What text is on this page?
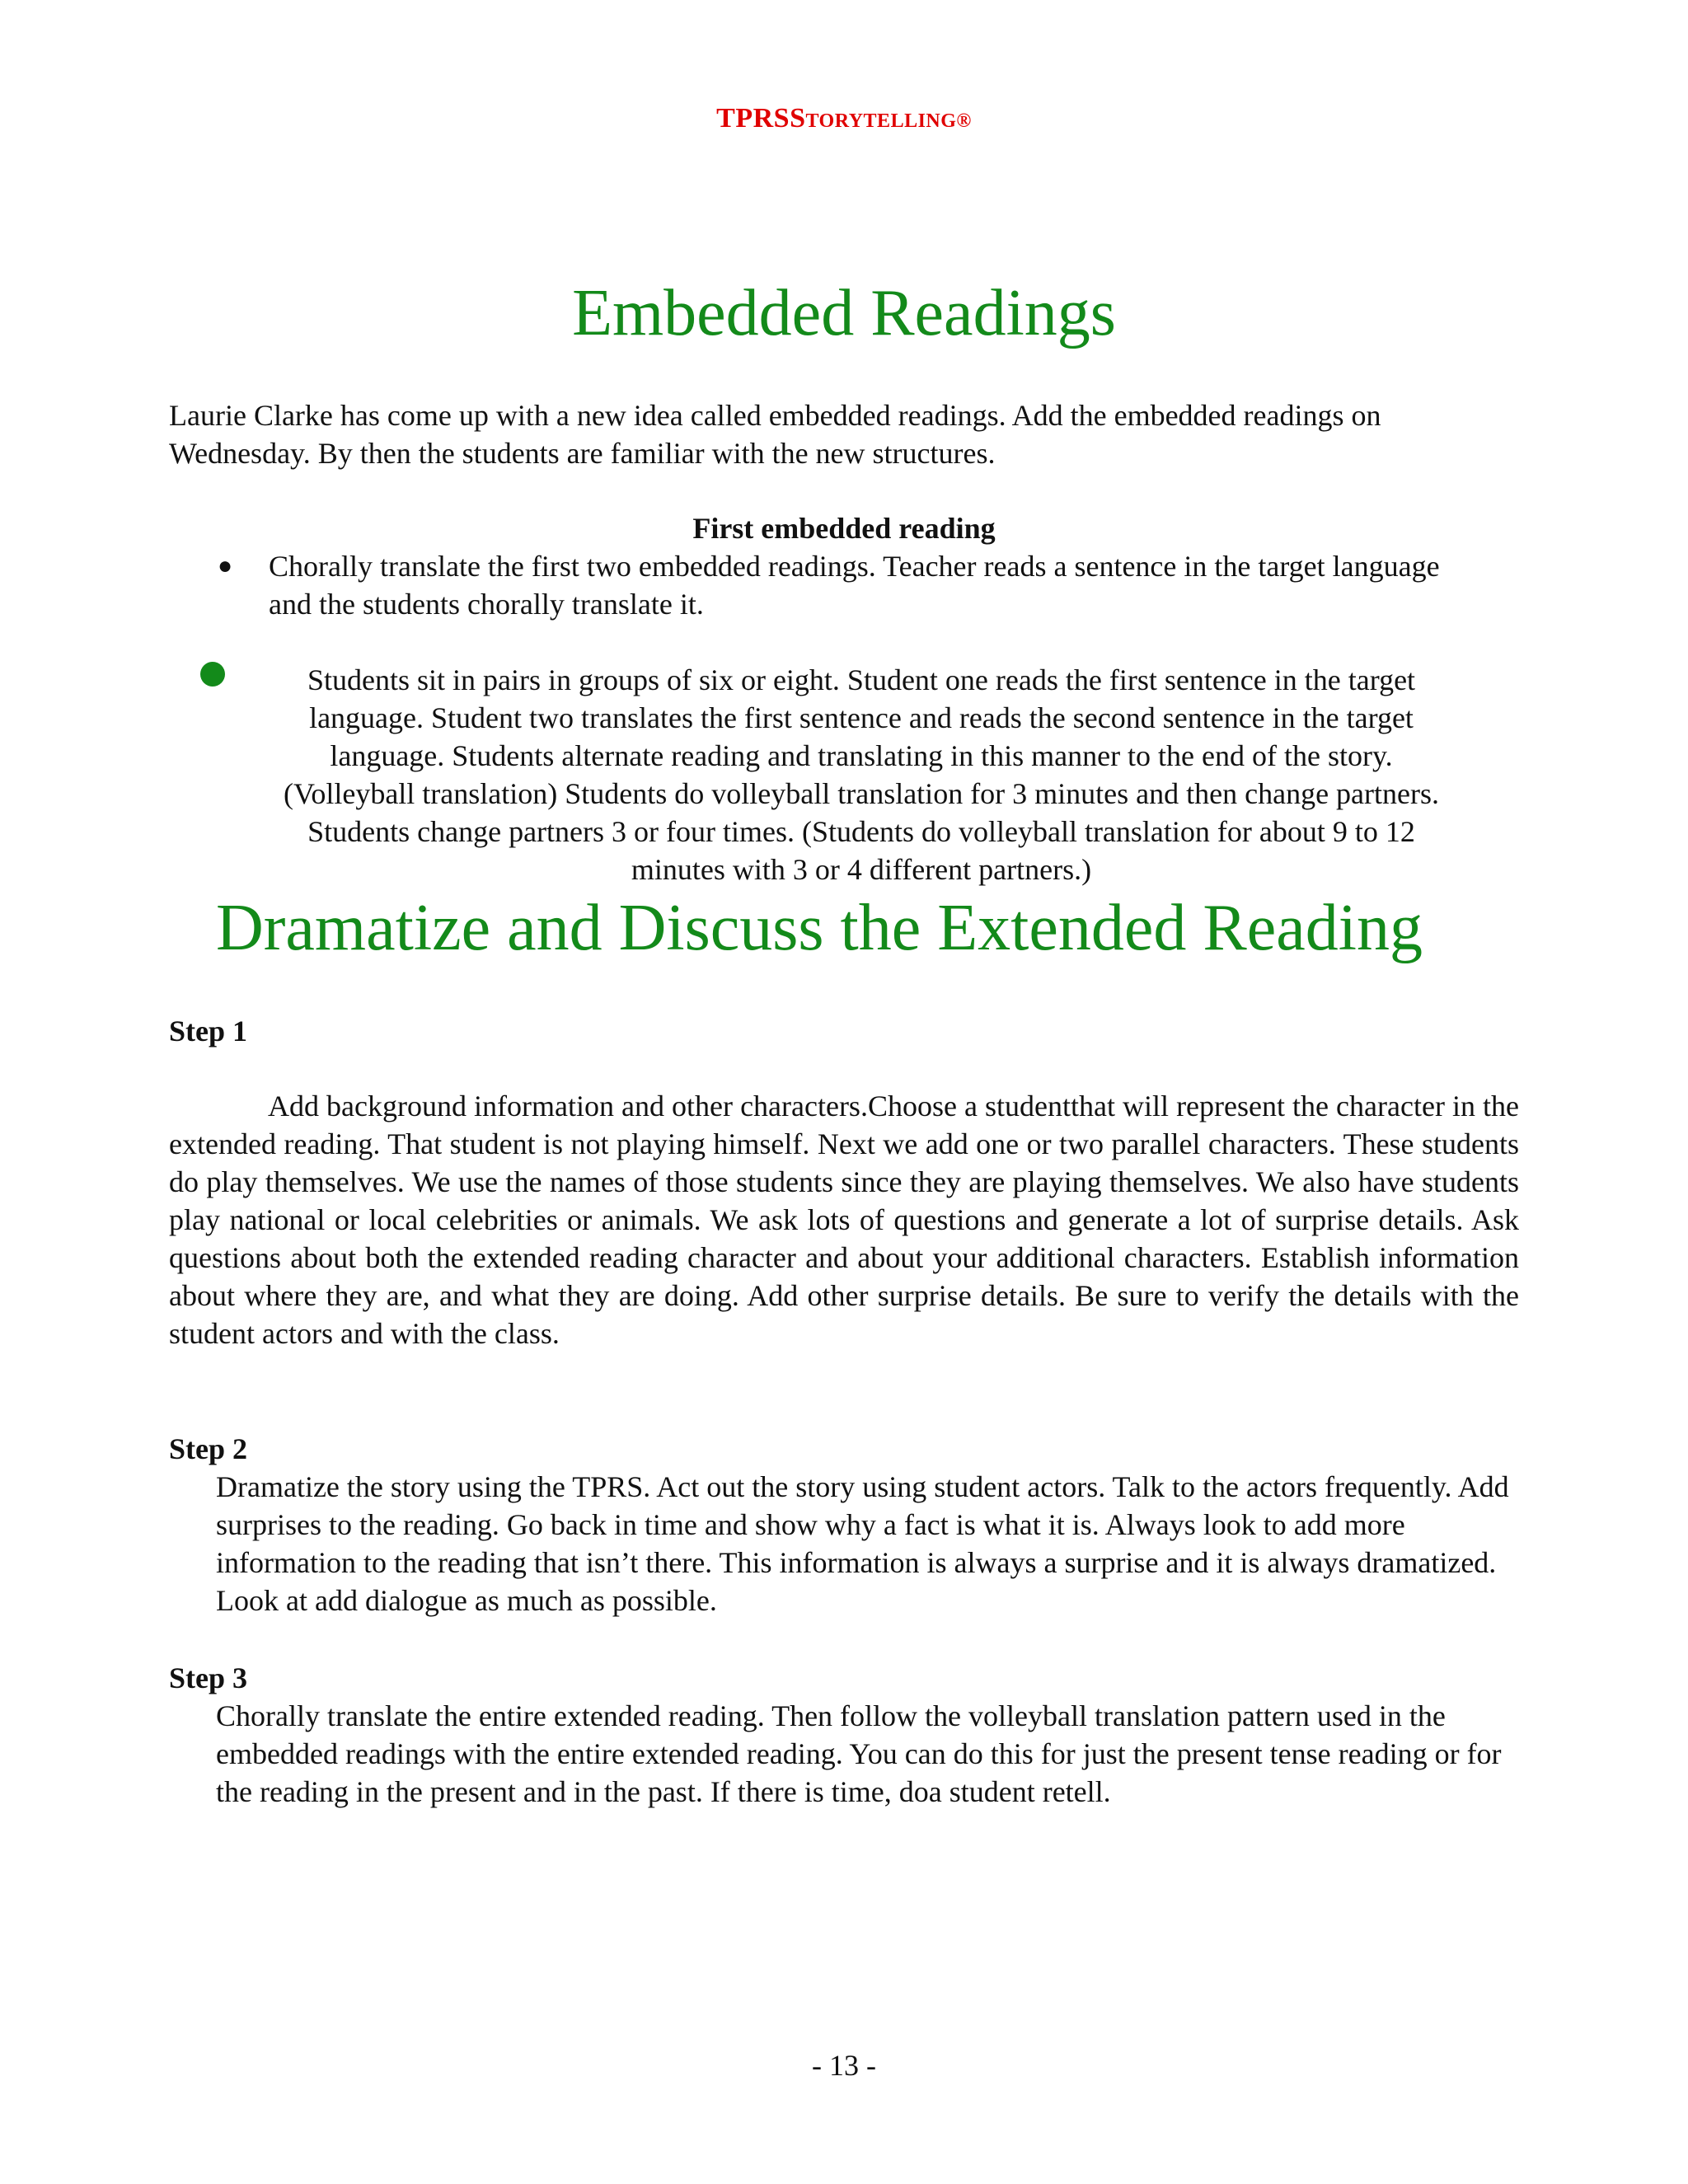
TPRSSTORYTELLING®
Embedded Readings
Laurie Clarke has come up with a new idea called embedded readings. Add the embedded readings on Wednesday. By then the students are familiar with the new structures.
First embedded reading
● Chorally translate the first two embedded readings. Teacher reads a sentence in the target language and the students chorally translate it.
Students sit in pairs in groups of six or eight. Student one reads the first sentence in the target
language. Student two translates the first sentence and reads the second sentence in the target
language. Students alternate reading and translating in this manner to the end of the story.
(Volleyball translation) Students do volleyball translation for 3 minutes and then change partners.
Students change partners 3 or four times. (Students do volleyball translation for about 9 to 12
minutes with 3 or 4 different partners.)
Dramatize and Discuss the Extended Reading
Step 1
Add background information and other characters.Choose a studentthat will represent the character in the extended reading. That student is not playing himself. Next we add one or two parallel characters. These students do play themselves. We use the names of those students since they are playing themselves. We also have students play national or local celebrities or animals. We ask lots of questions and generate a lot of surprise details. Ask questions about both the extended reading character and about your additional characters. Establish information about where they are, and what they are doing. Add other surprise details. Be sure to verify the details with the student actors and with the class.
Step 2
Dramatize the story using the TPRS. Act out the story using student actors. Talk to the actors frequently. Add surprises to the reading. Go back in time and show why a fact is what it is. Always look to add more information to the reading that isn’t there. This information is always a surprise and it is always dramatized. Look at add dialogue as much as possible.
Step 3
Chorally translate the entire extended reading. Then follow the volleyball translation pattern used in the embedded readings with the entire extended reading. You can do this for just the present tense reading or for the reading in the present and in the past. If there is time, doa student retell.
- 13 -
